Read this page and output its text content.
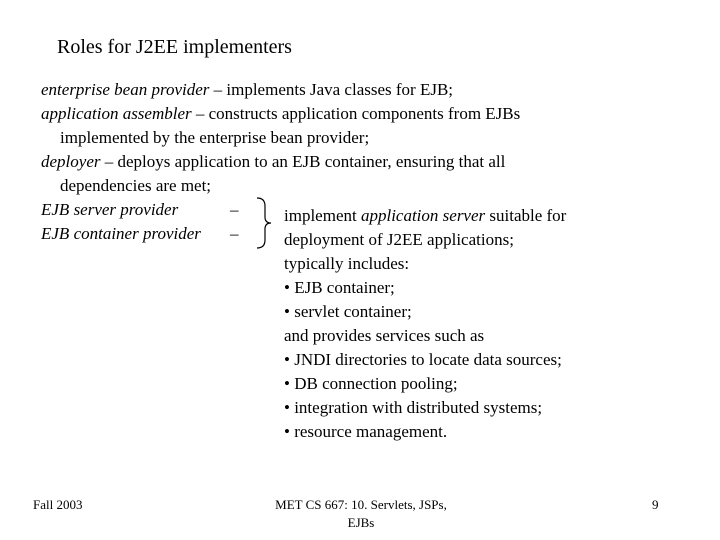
Roles for J2EE implementers
enterprise bean provider – implements Java classes for EJB;
application assembler – constructs application components from EJBs
implemented by the enterprise bean provider;
deployer – deploys application to an EJB container, ensuring that all
dependencies are met;
EJB server provider	–
EJB container provider –
implement application server suitable for
deployment of J2EE applications;
typically includes:
• EJB container;
• servlet container;
and provides services such as
• JNDI directories to locate data sources;
• DB connection pooling;
• integration with distributed systems;
• resource management.
Fall 2003	MET CS 667: 10. Servlets, JSPs,
EJBs
9
